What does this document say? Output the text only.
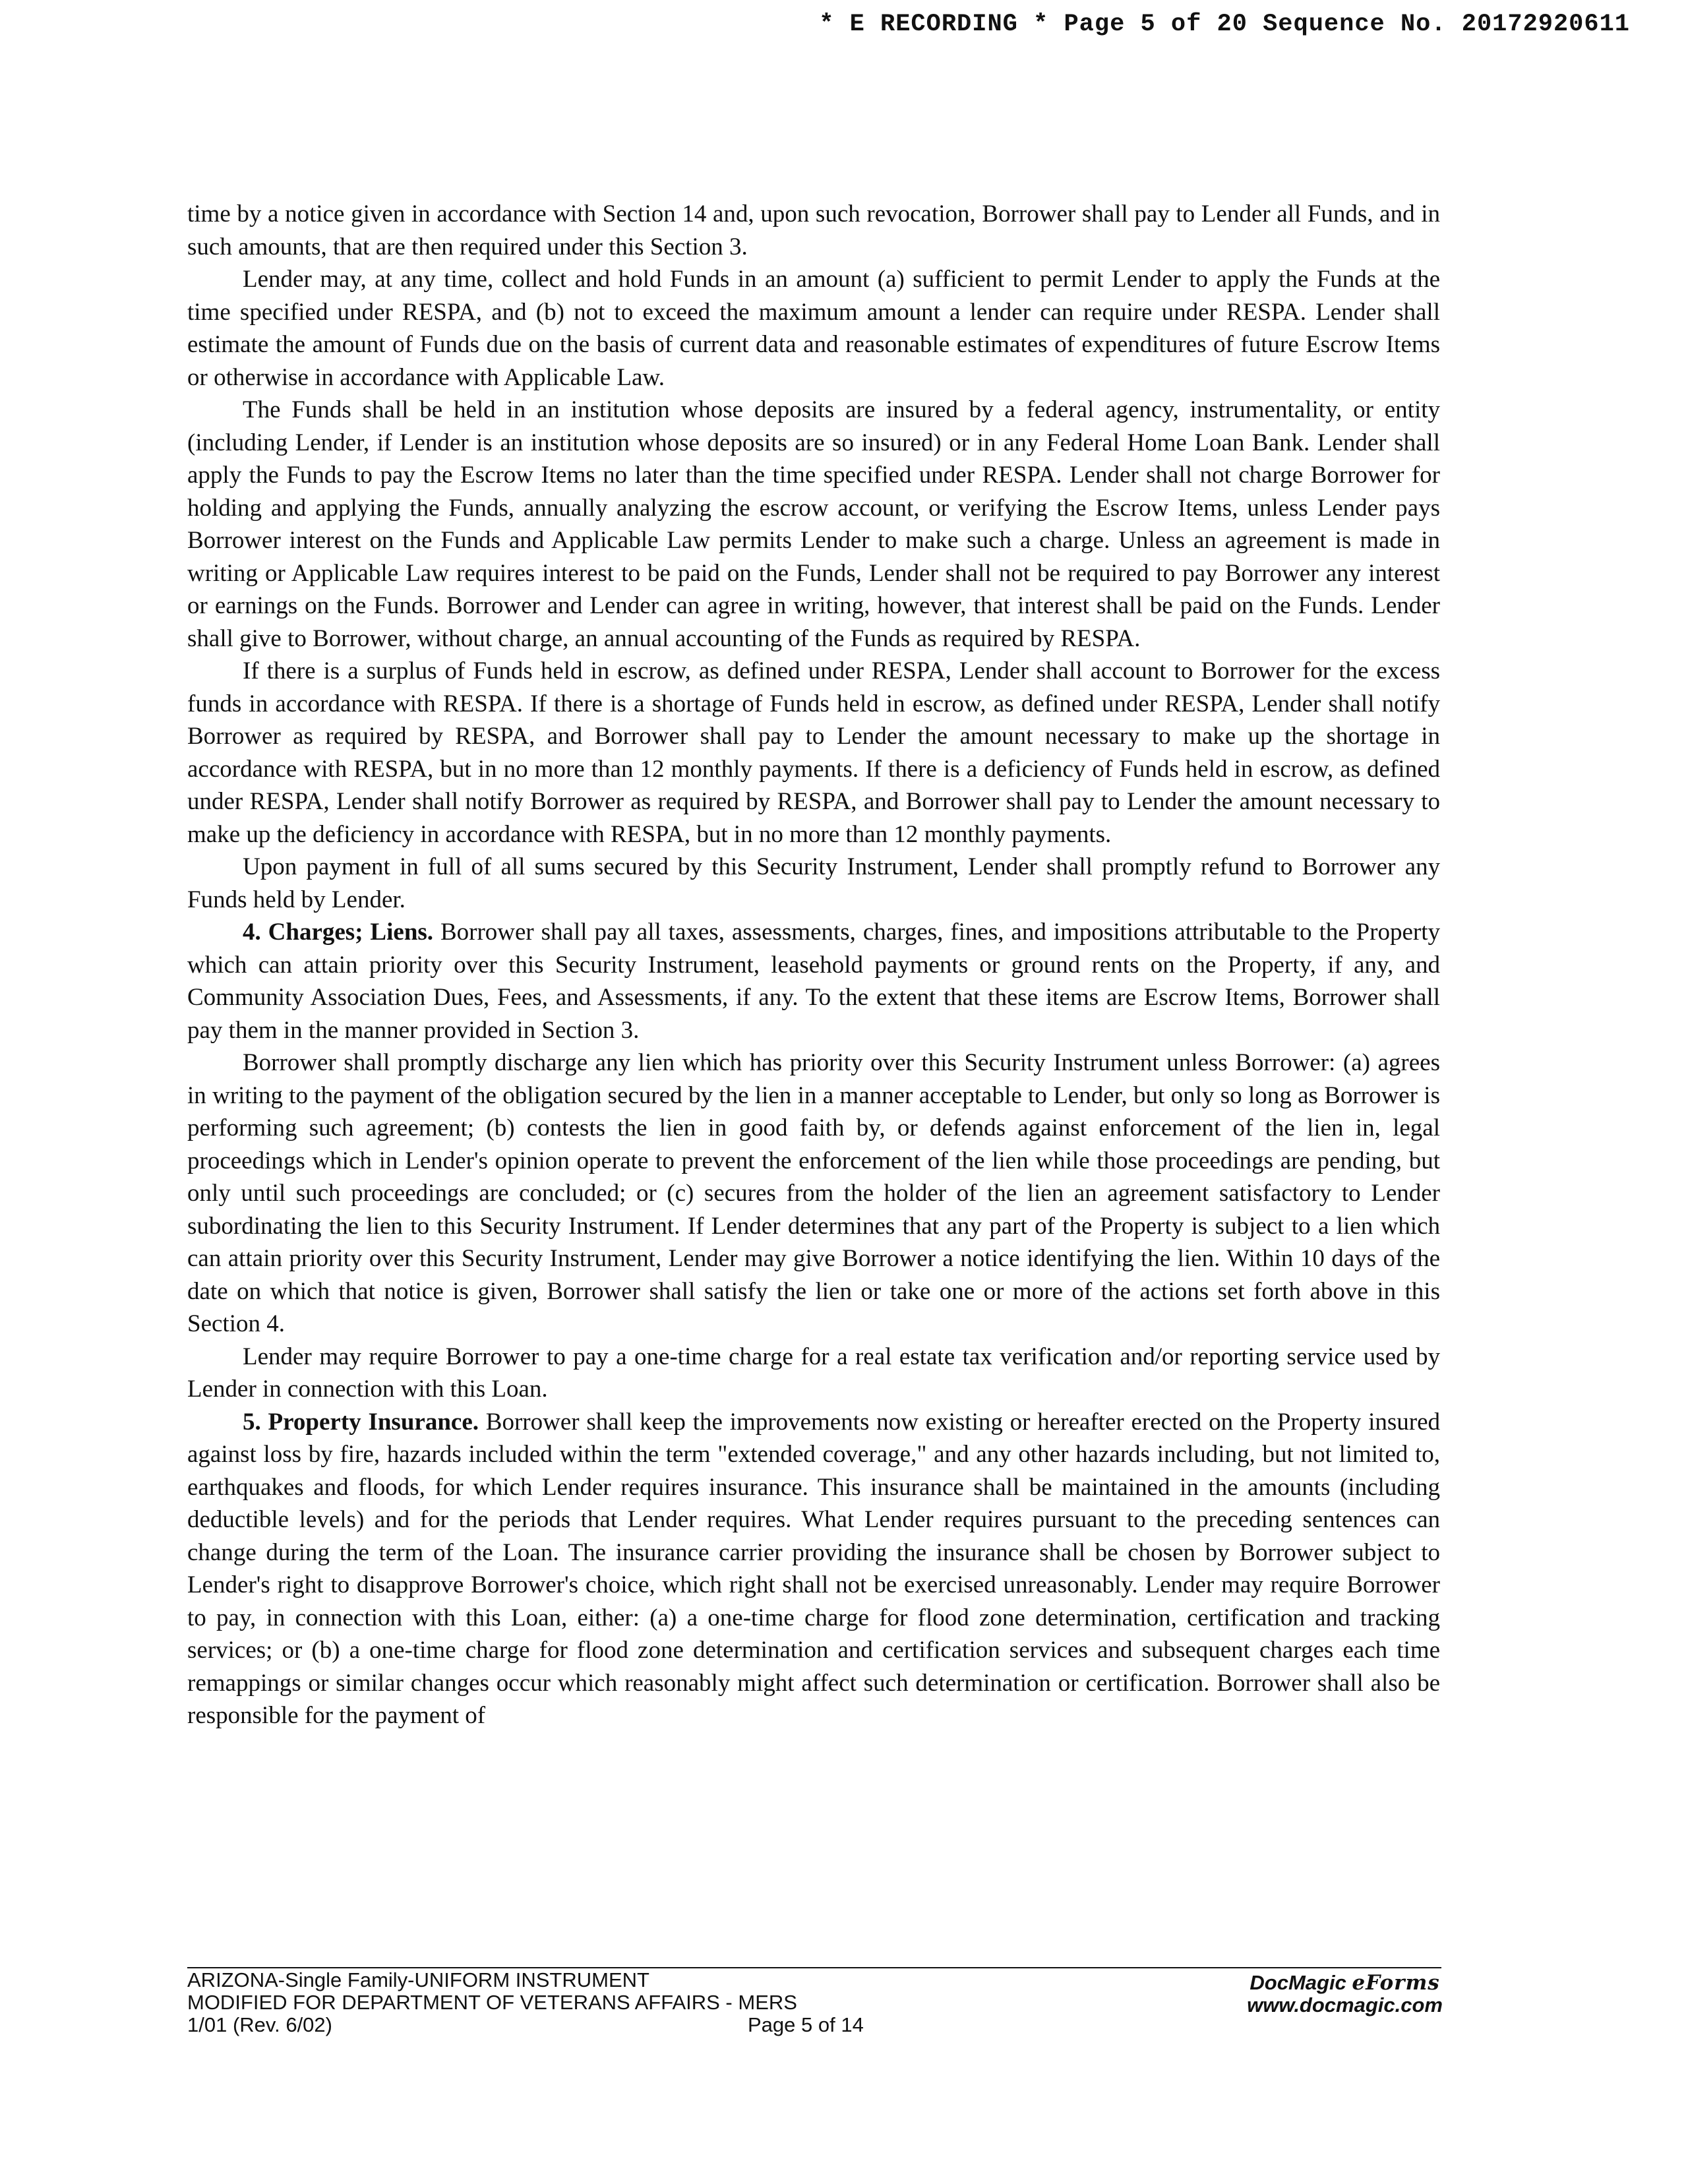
* E RECORDING * Page 5 of 20 Sequence No. 20172920611

time by a notice given in accordance with Section 14 and, upon such revocation, Borrower shall pay to Lender all Funds, and in such amounts, that are then required under this Section 3.

Lender may, at any time, collect and hold Funds in an amount (a) sufficient to permit Lender to apply the Funds at the time specified under RESPA, and (b) not to exceed the maximum amount a lender can require under RESPA. Lender shall estimate the amount of Funds due on the basis of current data and reasonable estimates of expenditures of future Escrow Items or otherwise in accordance with Applicable Law.

The Funds shall be held in an institution whose deposits are insured by a federal agency, instrumentality, or entity (including Lender, if Lender is an institution whose deposits are so insured) or in any Federal Home Loan Bank. Lender shall apply the Funds to pay the Escrow Items no later than the time specified under RESPA. Lender shall not charge Borrower for holding and applying the Funds, annually analyzing the escrow account, or verifying the Escrow Items, unless Lender pays Borrower interest on the Funds and Applicable Law permits Lender to make such a charge. Unless an agreement is made in writing or Applicable Law requires interest to be paid on the Funds, Lender shall not be required to pay Borrower any interest or earnings on the Funds. Borrower and Lender can agree in writing, however, that interest shall be paid on the Funds. Lender shall give to Borrower, without charge, an annual accounting of the Funds as required by RESPA.

If there is a surplus of Funds held in escrow, as defined under RESPA, Lender shall account to Borrower for the excess funds in accordance with RESPA. If there is a shortage of Funds held in escrow, as defined under RESPA, Lender shall notify Borrower as required by RESPA, and Borrower shall pay to Lender the amount necessary to make up the shortage in accordance with RESPA, but in no more than 12 monthly payments. If there is a deficiency of Funds held in escrow, as defined under RESPA, Lender shall notify Borrower as required by RESPA, and Borrower shall pay to Lender the amount necessary to make up the deficiency in accordance with RESPA, but in no more than 12 monthly payments.

Upon payment in full of all sums secured by this Security Instrument, Lender shall promptly refund to Borrower any Funds held by Lender.

4. Charges; Liens. Borrower shall pay all taxes, assessments, charges, fines, and impositions attributable to the Property which can attain priority over this Security Instrument, leasehold payments or ground rents on the Property, if any, and Community Association Dues, Fees, and Assessments, if any. To the extent that these items are Escrow Items, Borrower shall pay them in the manner provided in Section 3.

Borrower shall promptly discharge any lien which has priority over this Security Instrument unless Borrower: (a) agrees in writing to the payment of the obligation secured by the lien in a manner acceptable to Lender, but only so long as Borrower is performing such agreement; (b) contests the lien in good faith by, or defends against enforcement of the lien in, legal proceedings which in Lender's opinion operate to prevent the enforcement of the lien while those proceedings are pending, but only until such proceedings are concluded; or (c) secures from the holder of the lien an agreement satisfactory to Lender subordinating the lien to this Security Instrument. If Lender determines that any part of the Property is subject to a lien which can attain priority over this Security Instrument, Lender may give Borrower a notice identifying the lien. Within 10 days of the date on which that notice is given, Borrower shall satisfy the lien or take one or more of the actions set forth above in this Section 4.

Lender may require Borrower to pay a one-time charge for a real estate tax verification and/or reporting service used by Lender in connection with this Loan.

5. Property Insurance. Borrower shall keep the improvements now existing or hereafter erected on the Property insured against loss by fire, hazards included within the term "extended coverage," and any other hazards including, but not limited to, earthquakes and floods, for which Lender requires insurance. This insurance shall be maintained in the amounts (including deductible levels) and for the periods that Lender requires. What Lender requires pursuant to the preceding sentences can change during the term of the Loan. The insurance carrier providing the insurance shall be chosen by Borrower subject to Lender's right to disapprove Borrower's choice, which right shall not be exercised unreasonably. Lender may require Borrower to pay, in connection with this Loan, either: (a) a one-time charge for flood zone determination, certification and tracking services; or (b) a one-time charge for flood zone determination and certification services and subsequent charges each time remappings or similar changes occur which reasonably might affect such determination or certification. Borrower shall also be responsible for the payment of

ARIZONA-Single Family-UNIFORM INSTRUMENT
MODIFIED FOR DEPARTMENT OF VETERANS AFFAIRS - MERS
1/01 (Rev. 6/02)	Page 5 of 14
DocMagic eForms
www.docmagic.com
